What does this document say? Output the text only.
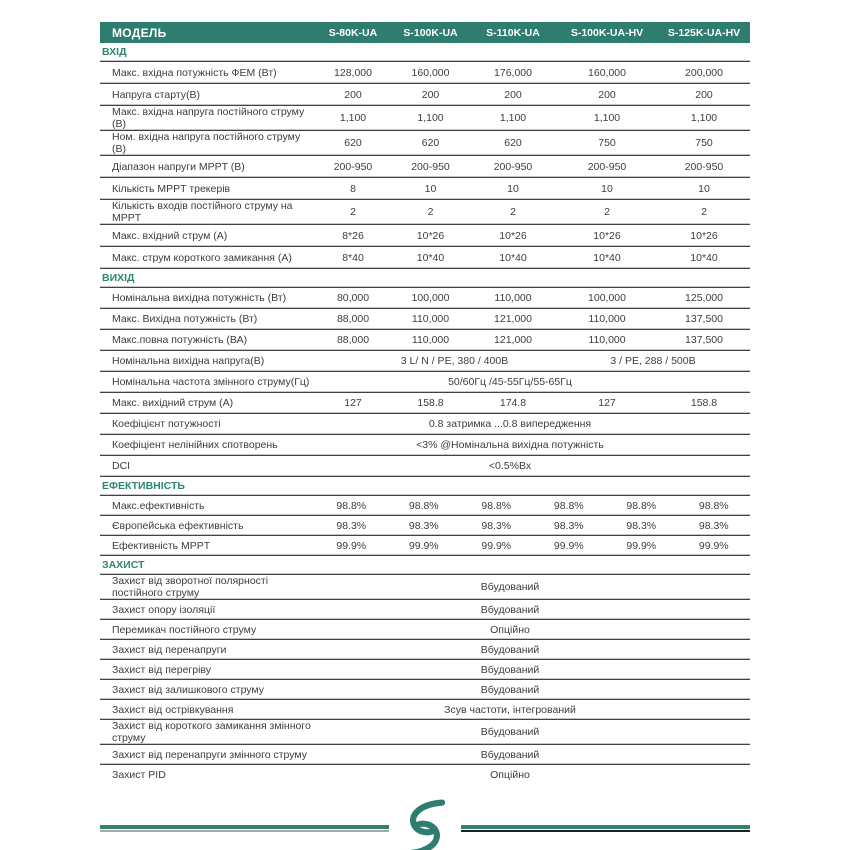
МОДЕЛЬ	S-80K-UA	S-100K-UA	S-110K-UA	S-100K-UA-HV	S-125K-UA-HV
ВХІД					
Макс. вхідна потужність ФЕМ (Вт)	128,000	160,000	176,000	160,000	200,000
Напруга старту(В)	200	200	200	200	200
Макс. вхідна напруга постійного струму (В)	1,100	1,100	1,100	1,100	1,100
Ном. вхідна напруга постійного струму (В)	620	620	620	750	750
Діапазон напруги MPPT (В)	200-950	200-950	200-950	200-950	200-950
Кількість MPPT трекерів	8	10	10	10	10
Кількість входів постійного струму на MPPT	2	2	2	2	2
Макс. вхідний струм (А)	8*26	10*26	10*26	10*26	10*26
Макс. струм короткого замикання (А)	8*40	10*40	10*40	10*40	10*40
ВИХІД					
Номінальна вихідна потужність (Вт)	80,000	100,000	110,000	100,000	125,000
Макс. Вихідна потужність (Вт)	88,000	110,000	121,000	110,000	137,500
Макс.повна потужність (ВА)	88,000	110,000	121,000	110,000	137,500
Номінальна вихідна напруга(В)	3 L/ N / PE, 380 / 400В			3 / PE, 288 / 500В	
Номінальна частота змінного струму(Гц)	50/60Гц /45-55Гц/55-65Гц				
Макс. вихідний струм (А)	127	158.8	174.8	127	158.8
Коефіцієнт потужності	0.8 затримка ...0.8 випередження				
Коефіціент нелінійних спотворень	<3% @Номінальна вихідна потужність				
DCI	<0.5%Вх				
ЕФЕКТИВНІСТЬ					
Макс.ефективність	98.8%	98.8%	98.8%	98.8%	98.8%	98.8%

Європейська ефективність	98.3%	98.3%	98.3%	98.3%	98.3%	98.3%

Ефективність MPPT	99.9%	99.9%	99.9%	99.9%	99.9%	99.9%

ЗАХИСТ					
Захист від зворотної полярності постійного струму	Вбудований				
Захист опору ізоляції	Вбудований				
Перемикач постійного струму	Опційно				
Захист від перенапруги	Вбудований				
Захист від перегріву	Вбудований				
Захист від залишкового струму	Вбудований				
Захист від острівкування	Зсув частоти, інтегрований				
Захист від короткого замикання змінного струму	Вбудований				
Захист від перенапруги змінного струму	Вбудований				
Захист PID	Опційно				
